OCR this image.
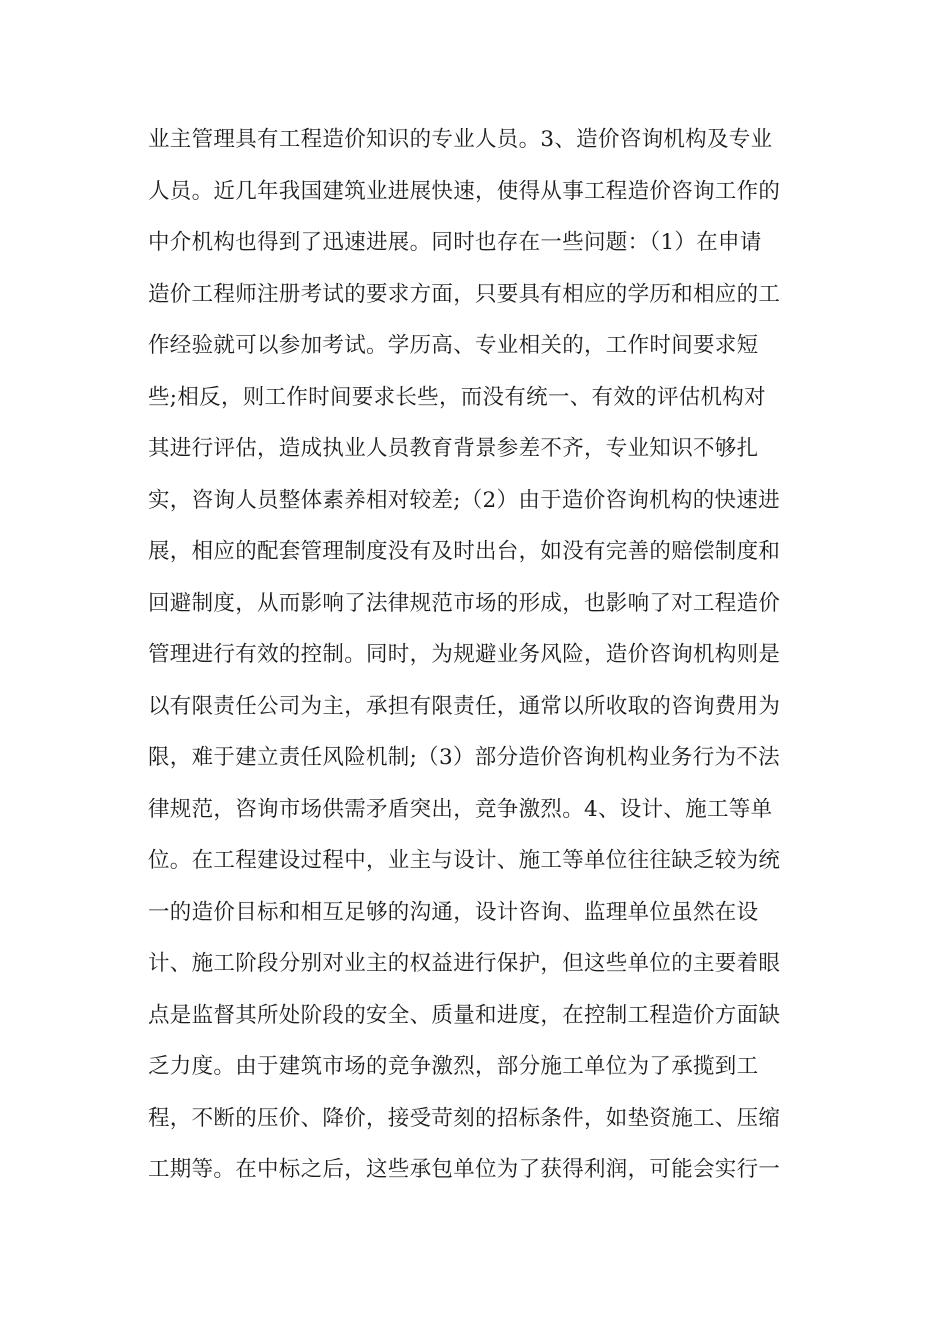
业主管理具有工程造价知识的专业人员。3、造价咨询机构及专业
人员。近几年我国建筑业进展快速，使得从事工程造价咨询工作的
中介机构也得到了迅速进展。同时也存在一些问题：（1）在申请
造价工程师注册考试的要求方面，只要具有相应的学历和相应的工
作经验就可以参加考试。学历高、专业相关的，工作时间要求短
些;相反，则工作时间要求长些，而没有统一、有效的评估机构对
其进行评估，造成执业人员教育背景参差不齐，专业知识不够扎
实，咨询人员整体素养相对较差;（2）由于造价咨询机构的快速进
展，相应的配套管理制度没有及时出台，如没有完善的赔偿制度和
回避制度，从而影响了法律规范市场的形成，也影响了对工程造价
管理进行有效的控制。同时，为规避业务风险，造价咨询机构则是
以有限责任公司为主，承担有限责任，通常以所收取的咨询费用为
限，难于建立责任风险机制;（3）部分造价咨询机构业务行为不法
律规范，咨询市场供需矛盾突出，竞争激烈。4、设计、施工等单
位。在工程建设过程中，业主与设计、施工等单位往往缺乏较为统
一的造价目标和相互足够的沟通，设计咨询、监理单位虽然在设
计、施工阶段分别对业主的权益进行保护，但这些单位的主要着眼
点是监督其所处阶段的安全、质量和进度，在控制工程造价方面缺
乏力度。由于建筑市场的竞争激烈，部分施工单位为了承揽到工
程，不断的压价、降价，接受苛刻的招标条件，如垫资施工、压缩
工期等。在中标之后，这些承包单位为了获得利润，可能会实行一
